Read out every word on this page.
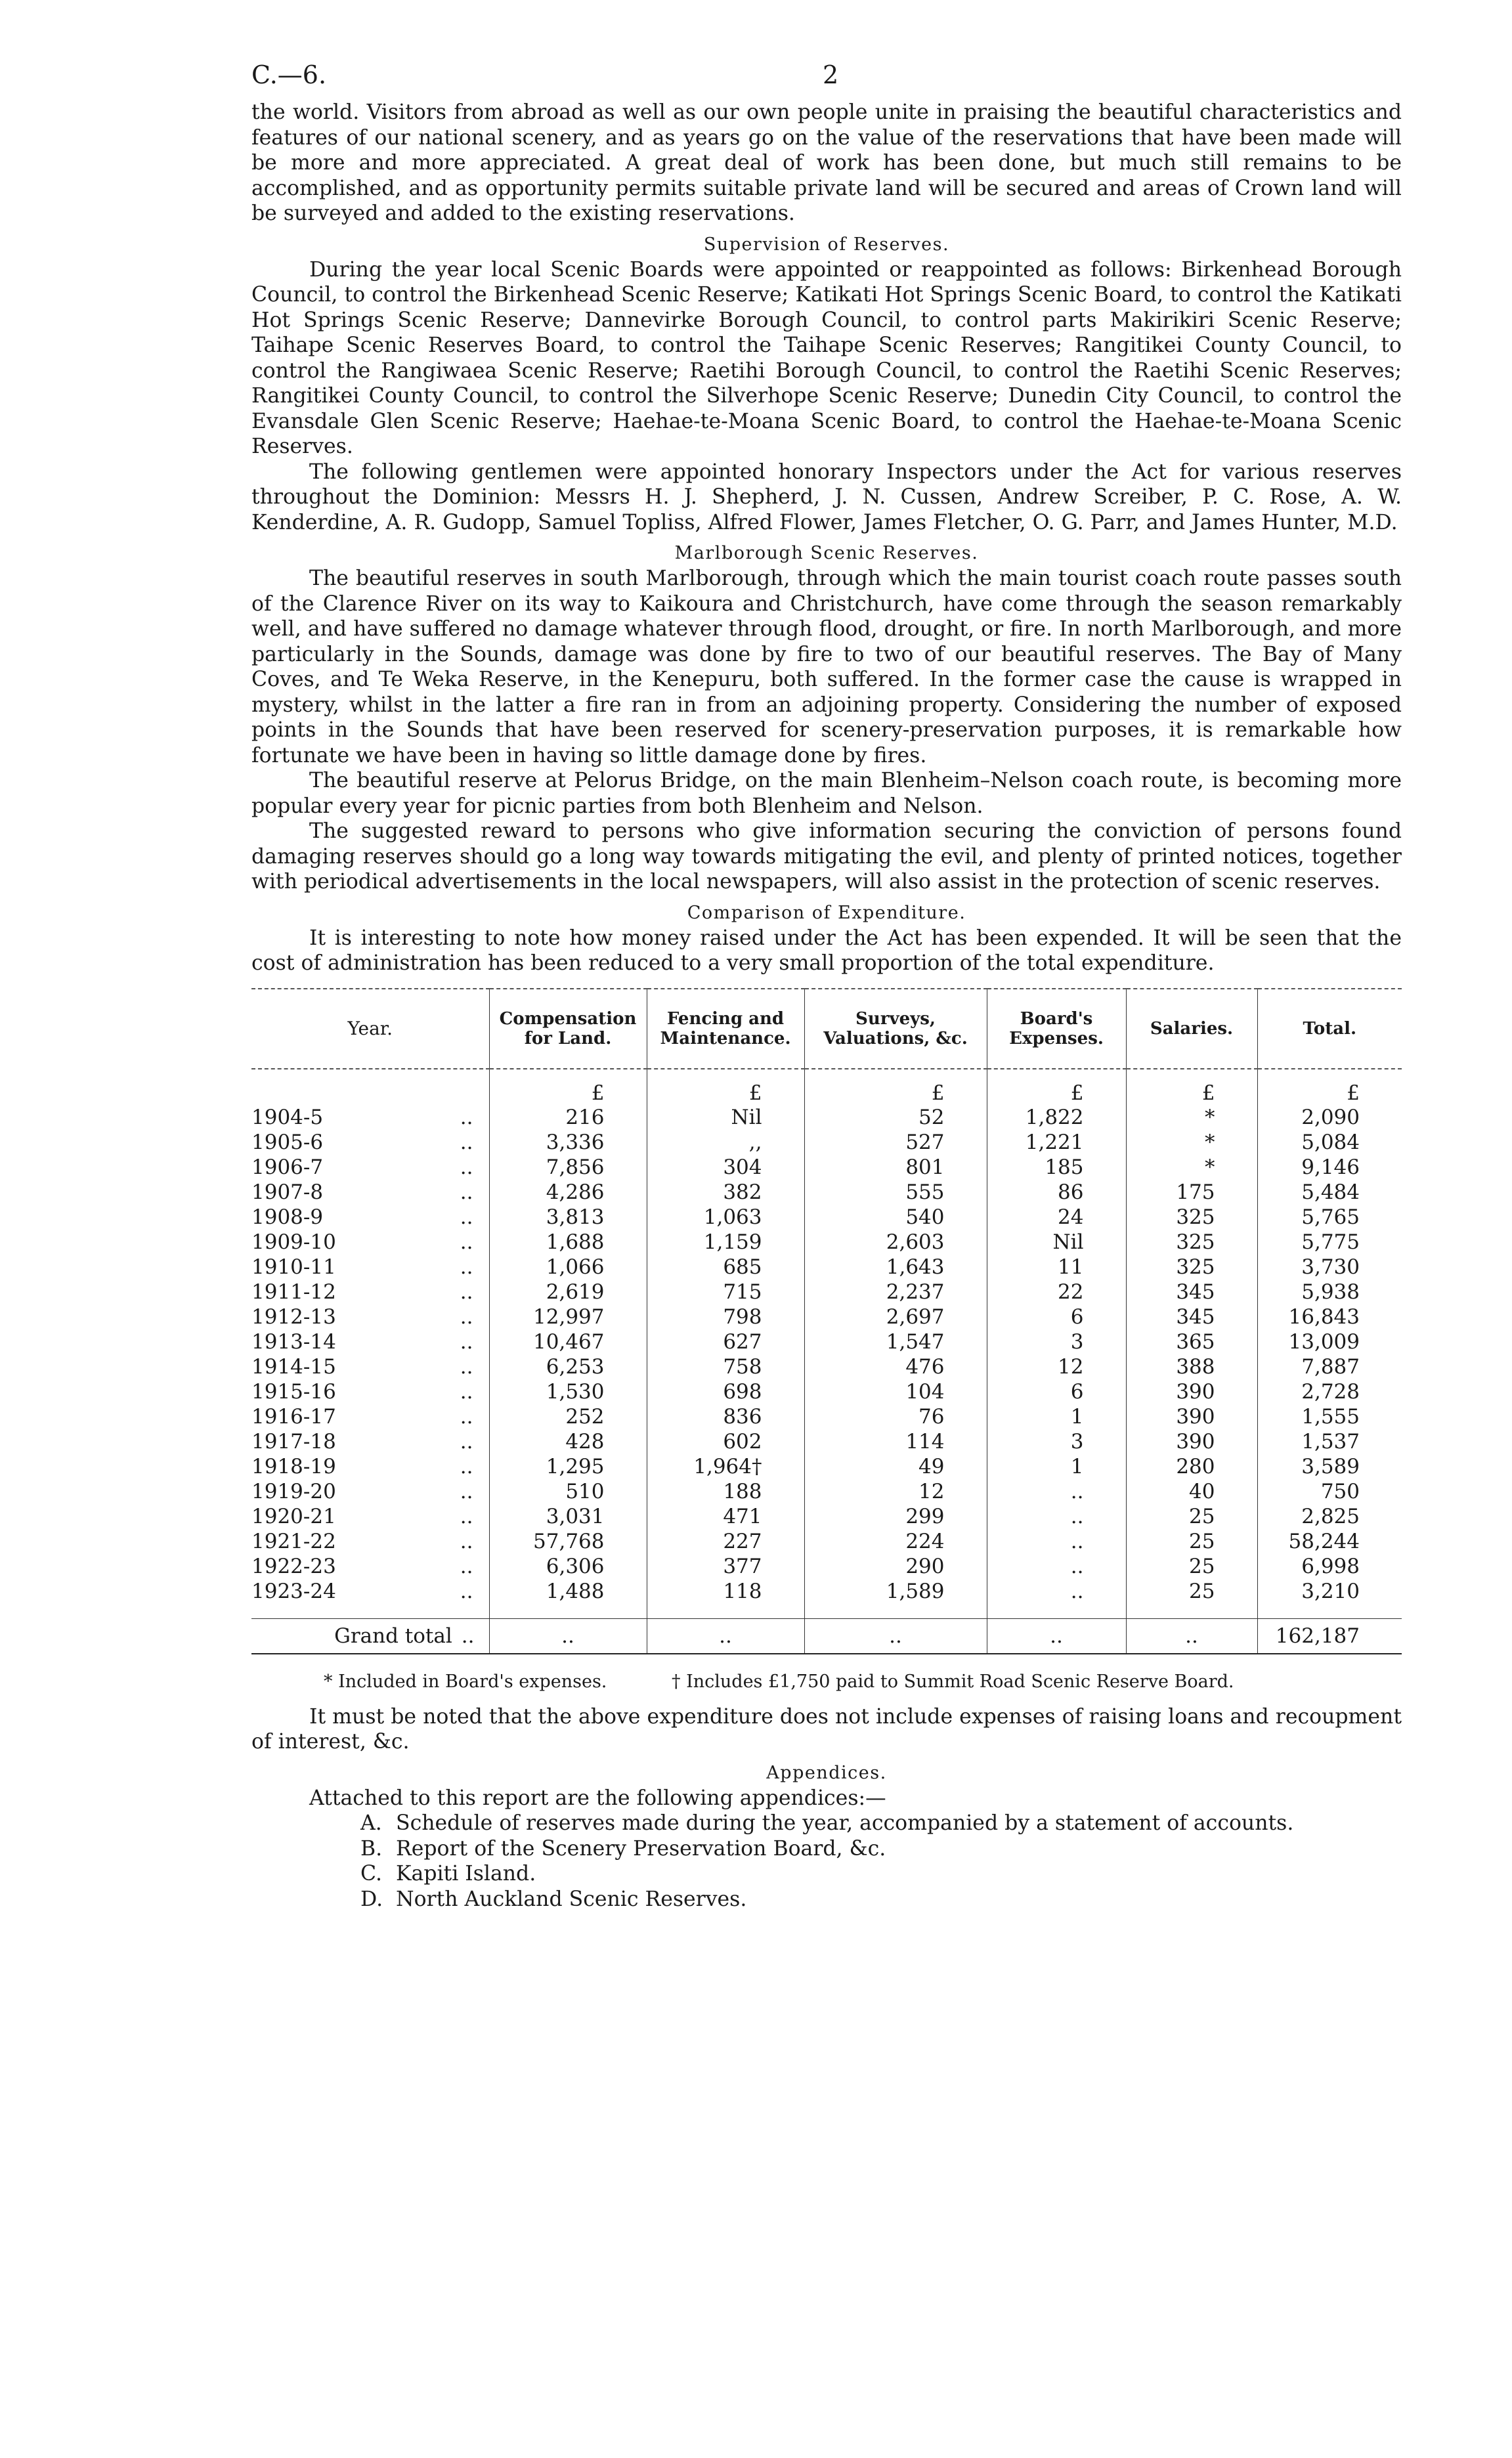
C.—6.	2

the world. Visitors from abroad as well as our own people unite in praising the beautiful characteristics and features of our national scenery, and as years go on the value of the reservations that have been made will be more and more appreciated. A great deal of work has been done, but much still remains to be accomplished, and as opportunity permits suitable private land will be secured and areas of Crown land will be surveyed and added to the existing reservations.

Supervision of Reserves.

During the year local Scenic Boards were appointed or reappointed as follows: Birkenhead Borough Council, to control the Birkenhead Scenic Reserve; Katikati Hot Springs Scenic Board, to control the Katikati Hot Springs Scenic Reserve; Dannevirke Borough Council, to control parts Makirikiri Scenic Reserve; Taihape Scenic Reserves Board, to control the Taihape Scenic Reserves; Rangitikei County Council, to control the Rangiwaea Scenic Reserve; Raetihi Borough Council, to control the Raetihi Scenic Reserves; Rangitikei County Council, to control the Silverhope Scenic Reserve; Dunedin City Council, to control the Evansdale Glen Scenic Reserve; Haehae-te-Moana Scenic Board, to control the Haehae-te-Moana Scenic Reserves.

The following gentlemen were appointed honorary Inspectors under the Act for various reserves throughout the Dominion: Messrs H. J. Shepherd, J. N. Cussen, Andrew Screiber, P. C. Rose, A. W. Kenderdine, A. R. Gudopp, Samuel Topliss, Alfred Flower, James Fletcher, O. G. Parr, and James Hunter, M.D.

Marlborough Scenic Reserves.

The beautiful reserves in south Marlborough, through which the main tourist coach route passes south of the Clarence River on its way to Kaikoura and Christchurch, have come through the season remarkably well, and have suffered no damage whatever through flood, drought, or fire. In north Marlborough, and more particularly in the Sounds, damage was done by fire to two of our beautiful reserves. The Bay of Many Coves, and Te Weka Reserve, in the Kenepuru, both suffered. In the former case the cause is wrapped in mystery, whilst in the latter a fire ran in from an adjoining property. Considering the number of exposed points in the Sounds that have been reserved for scenery-preservation purposes, it is remarkable how fortunate we have been in having so little damage done by fires.

The beautiful reserve at Pelorus Bridge, on the main Blenheim–Nelson coach route, is becoming more popular every year for picnic parties from both Blenheim and Nelson.

The suggested reward to persons who give information securing the conviction of persons found damaging reserves should go a long way towards mitigating the evil, and plenty of printed notices, together with periodical advertisements in the local newspapers, will also assist in the protection of scenic reserves.

Comparison of Expenditure.

It is interesting to note how money raised under the Act has been expended. It will be seen that the cost of administration has been reduced to a very small proportion of the total expenditure.

Year.	Compensation for Land.	Fencing and Maintenance.	Surveys, Valuations, &c.	Board's Expenses.	Salaries.	Total.
	£	£	£	£	£	£
1904-5 ..	216	Nil	52	1,822	*	2,090
1905-6 ..	3,336	,,	527	1,221	*	5,084
1906-7 ..	7,856	304	801	185	*	9,146
1907-8 ..	4,286	382	555	86	175	5,484
1908-9 ..	3,813	1,063	540	24	325	5,765
1909-10 ..	1,688	1,159	2,603	Nil	325	5,775
1910-11 ..	1,066	685	1,643	11	325	3,730
1911-12 ..	2,619	715	2,237	22	345	5,938
1912-13 ..	12,997	798	2,697	6	345	16,843
1913-14 ..	10,467	627	1,547	3	365	13,009
1914-15 ..	6,253	758	476	12	388	7,887
1915-16 ..	1,530	698	104	6	390	2,728
1916-17 ..	252	836	76	1	390	1,555
1917-18 ..	428	602	114	3	390	1,537
1918-19 ..	1,295	1,964†	49	1	280	3,589
1919-20 ..	510	188	12	..	40	750
1920-21 ..	3,031	471	299	..	25	2,825
1921-22 ..	57,768	227	224	..	25	58,244
1922-23 ..	6,306	377	290	..	25	6,998
1923-24 ..	1,488	118	1,589	..	25	3,210

Grand total ..	..	..	..	..	..	162,187
* Included in Board's expenses.	† Includes £1,750 paid to Summit Road Scenic Reserve Board.

It must be noted that the above expenditure does not include expenses of raising loans and recoupment of interest, &c.

Appendices.

Attached to this report are the following appendices:—

A. Schedule of reserves made during the year, accompanied by a statement of accounts.
B. Report of the Scenery Preservation Board, &c.
C. Kapiti Island.
D. North Auckland Scenic Reserves.
